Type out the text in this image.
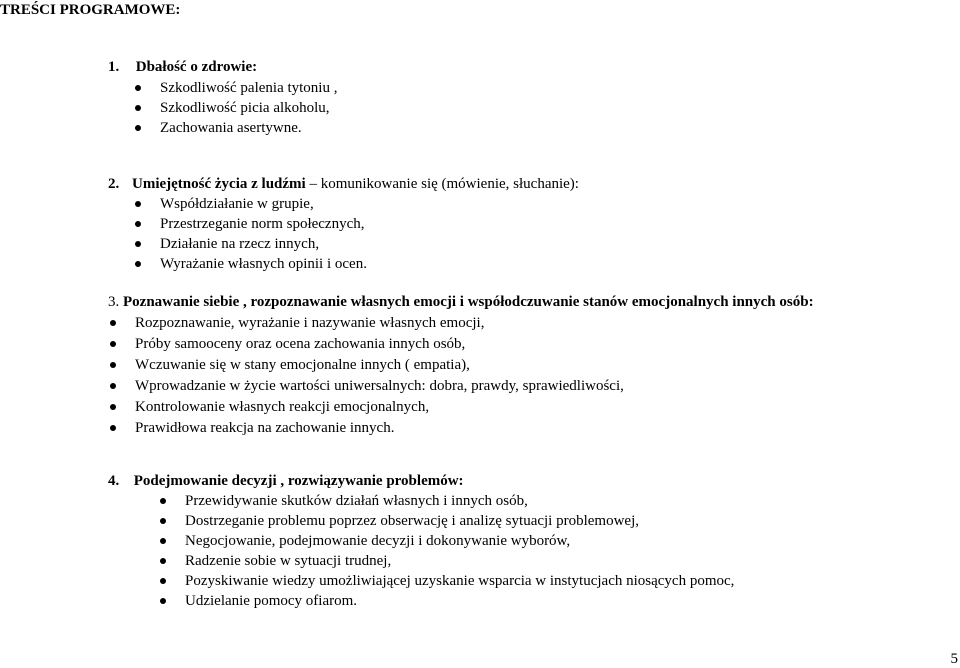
TREŚCI PROGRAMOWE:
1. Dbałość o zdrowie:
Szkodliwość palenia tytoniu ,
Szkodliwość picia alkoholu,
Zachowania asertywne.
2. Umiejętność życia z ludźmi – komunikowanie się (mówienie, słuchanie):
Współdziałanie w grupie,
Przestrzeganie norm społecznych,
Działanie na rzecz innych,
Wyrażanie własnych opinii i ocen.
3. Poznawanie siebie , rozpoznawanie własnych emocji i współodczuwanie stanów emocjonalnych innych osób:
Rozpoznawanie, wyrażanie i nazywanie własnych emocji,
Próby samooceny oraz ocena zachowania innych osób,
Wczuwanie się w stany emocjonalne innych ( empatia),
Wprowadzanie w życie wartości uniwersalnych: dobra, prawdy, sprawiedliwości,
Kontrolowanie własnych reakcji emocjonalnych,
Prawidłowa reakcja na zachowanie innych.
4. Podejmowanie decyzji , rozwiązywanie problemów:
Przewidywanie skutków działań własnych i innych osób,
Dostrzeganie problemu poprzez obserwację i analizę sytuacji problemowej,
Negocjowanie, podejmowanie decyzji i dokonywanie wyborów,
Radzenie sobie w sytuacji trudnej,
Pozyskiwanie wiedzy umożliwiającej uzyskanie wsparcia w instytucjach niosących pomoc,
Udzielanie pomocy ofiarom.
5
